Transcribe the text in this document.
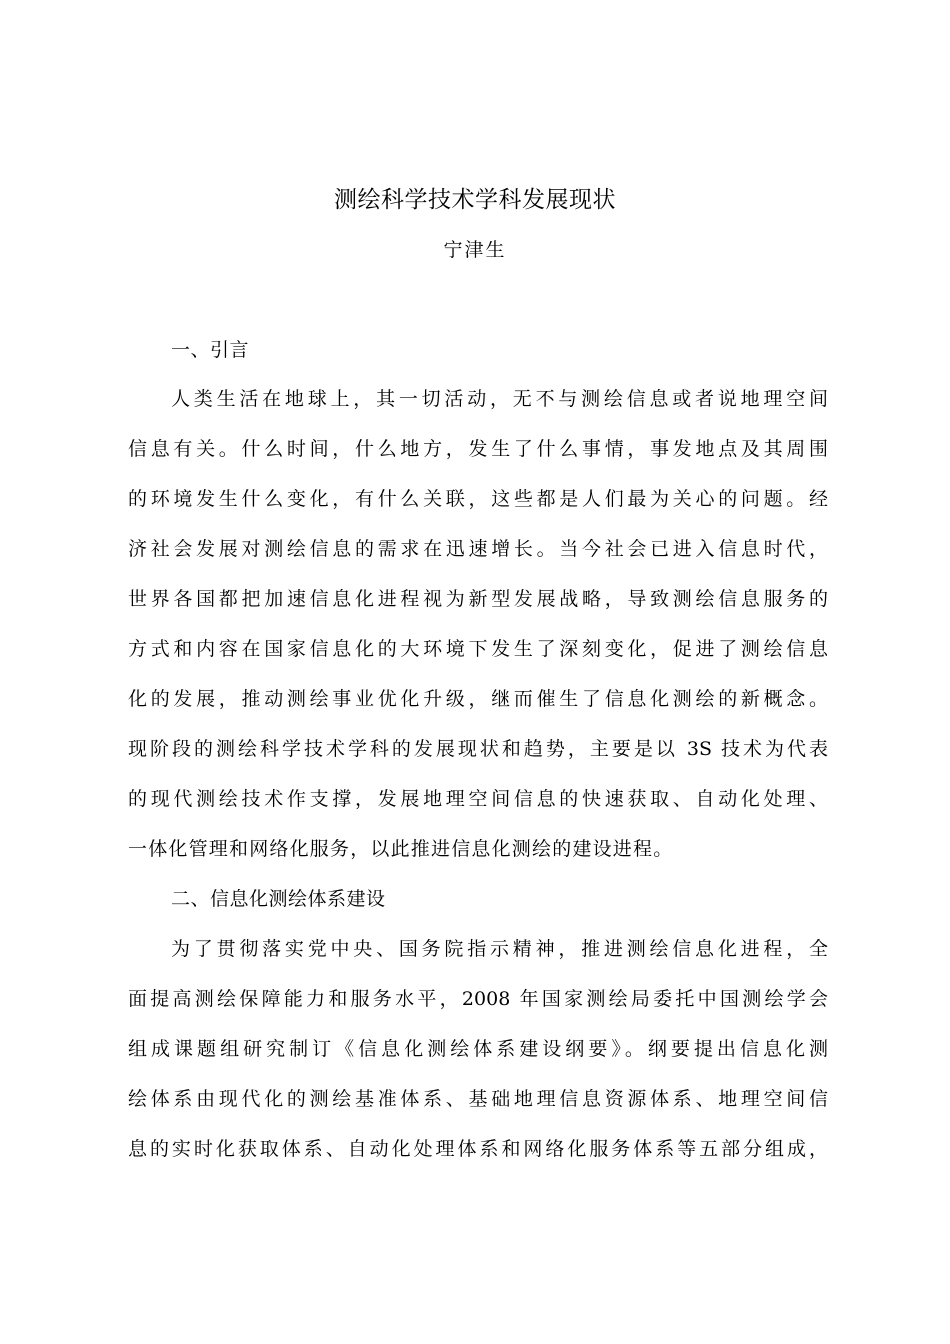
测绘科学技术学科发展现状
宁津生
一、引言
人类生活在地球上，其一切活动，无不与测绘信息或者说地理空间
信息有关。什么时间，什么地方，发生了什么事情，事发地点及其周围
的环境发生什么变化，有什么关联，这些都是人们最为关心的问题。经
济社会发展对测绘信息的需求在迅速增长。当今社会已进入信息时代，
世界各国都把加速信息化进程视为新型发展战略，导致测绘信息服务的
方式和内容在国家信息化的大环境下发生了深刻变化，促进了测绘信息
化的发展，推动测绘事业优化升级，继而催生了信息化测绘的新概念。
现阶段的测绘科学技术学科的发展现状和趋势，主要是以 3S 技术为代表
的现代测绘技术作支撑，发展地理空间信息的快速获取、自动化处理、
一体化管理和网络化服务，以此推进信息化测绘的建设进程。
二、信息化测绘体系建设
为了贯彻落实党中央、国务院指示精神，推进测绘信息化进程，全
面提高测绘保障能力和服务水平，2008 年国家测绘局委托中国测绘学会
组成课题组研究制订《信息化测绘体系建设纲要》。纲要提出信息化测
绘体系由现代化的测绘基准体系、基础地理信息资源体系、地理空间信
息的实时化获取体系、自动化处理体系和网络化服务体系等五部分组成，
